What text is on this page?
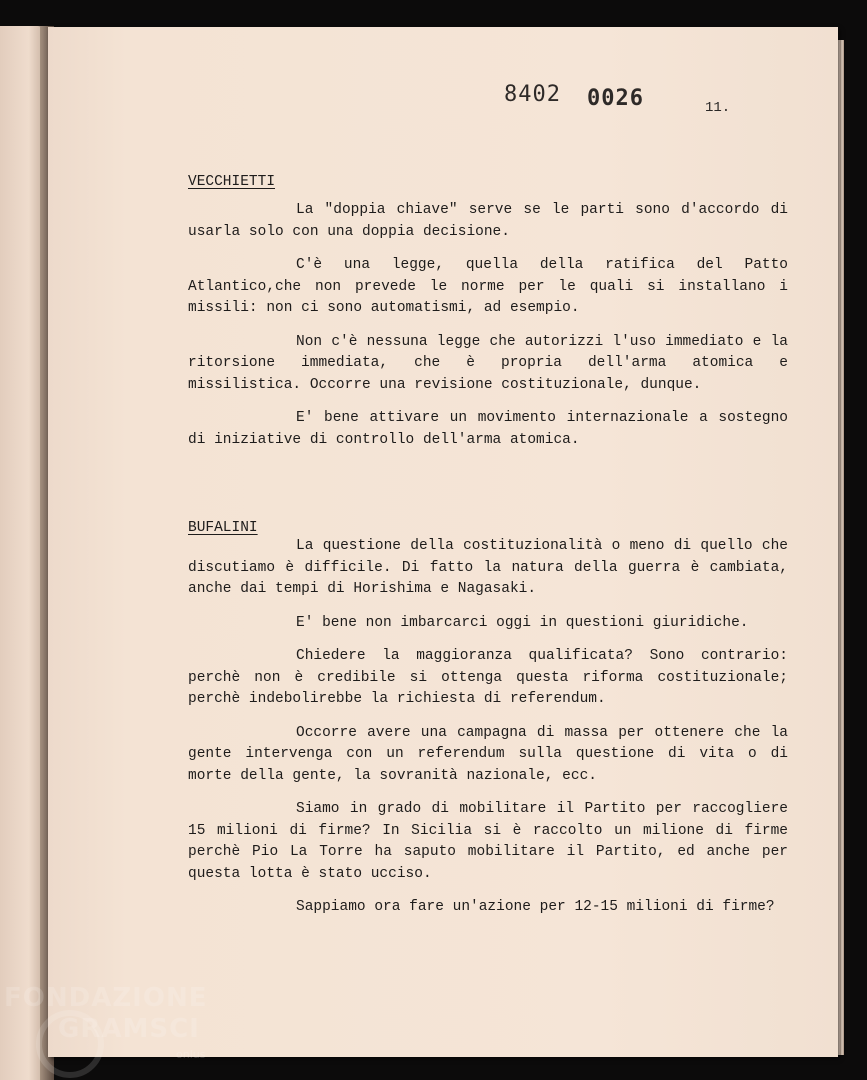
8402 0026	11.
VECCHIETTI

La "doppia chiave" serve se le parti sono d'accordo di usarla solo con una doppia decisione.

C'è una legge, quella della ratifica del Patto Atlantico,che non prevede le norme per le quali si installano i missili: non ci sono automatismi, ad esempio.

Non c'è nessuna legge che autorizzi l'uso immediato e la ritorsione immediata, che è propria dell'arma atomica e missilistica. Occorre una revisione costituzionale, dunque.

E' bene attivare un movimento internazionale a sostegno di iniziative di controllo dell'arma atomica.

BUFALINI

La questione della costituzionalità o meno di quello che discutiamo è difficile. Di fatto la natura della guerra è cambiata, anche dai tempi di Horishima e Nagasaki.

E' bene non imbarcarci oggi in questioni giuridiche.

Chiedere la maggioranza qualificata? Sono contrario: perchè non è credibile si ottenga questa riforma costituzionale; perchè indebolirebbe la richiesta di referendum.

Occorre avere una campagna di massa per ottenere che la gente intervenga con un referendum sulla questione di vita o di morte della gente, la sovranità nazionale, ecc.

Siamo in grado di mobilitare il Partito per raccogliere 15 milioni di firme? In Sicilia si è raccolto un milione di firme perchè Pio La Torre ha saputo mobilitare il Partito, ed anche per questa lotta è stato ucciso.

Sappiamo ora fare un'azione per 12-15 milioni di firme?

FONDAZIONE
GRAMSCI
onlus
